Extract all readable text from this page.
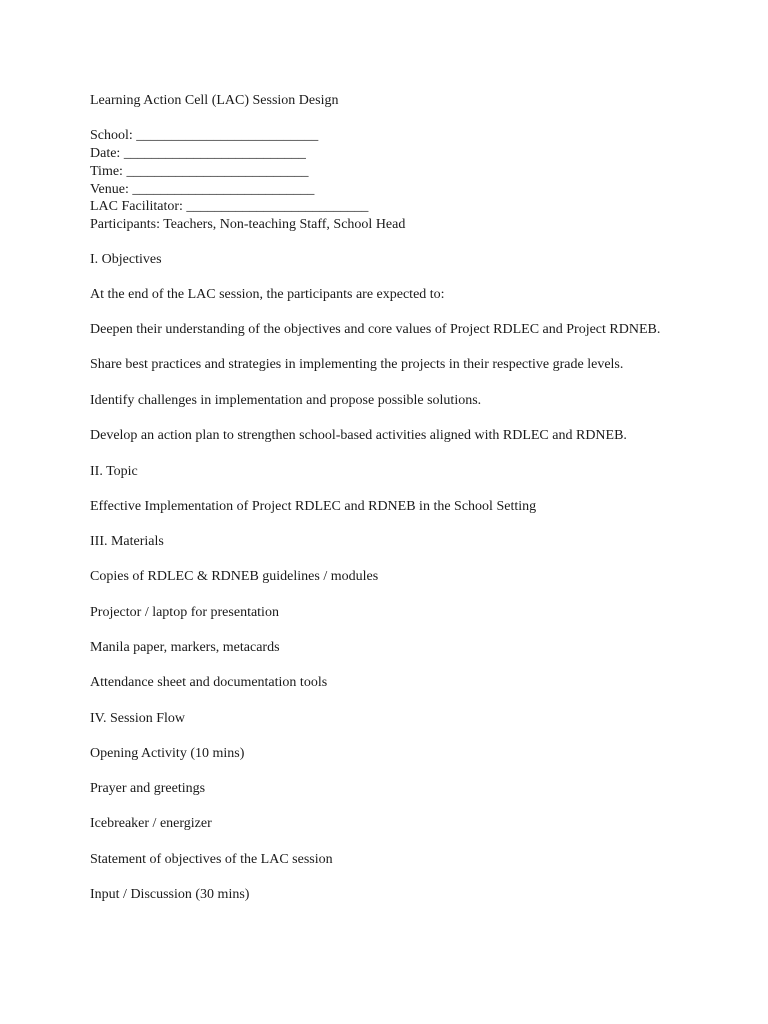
Learning Action Cell (LAC) Session Design
School: __________________________
Date: __________________________
Time: __________________________
Venue: __________________________
LAC Facilitator: __________________________
Participants: Teachers, Non-teaching Staff, School Head
I. Objectives
At the end of the LAC session, the participants are expected to:
Deepen their understanding of the objectives and core values of Project RDLEC and Project RDNEB.
Share best practices and strategies in implementing the projects in their respective grade levels.
Identify challenges in implementation and propose possible solutions.
Develop an action plan to strengthen school-based activities aligned with RDLEC and RDNEB.
II. Topic
Effective Implementation of Project RDLEC and RDNEB in the School Setting
III. Materials
Copies of RDLEC & RDNEB guidelines / modules
Projector / laptop for presentation
Manila paper, markers, metacards
Attendance sheet and documentation tools
IV. Session Flow
Opening Activity (10 mins)
Prayer and greetings
Icebreaker / energizer
Statement of objectives of the LAC session
Input / Discussion (30 mins)
